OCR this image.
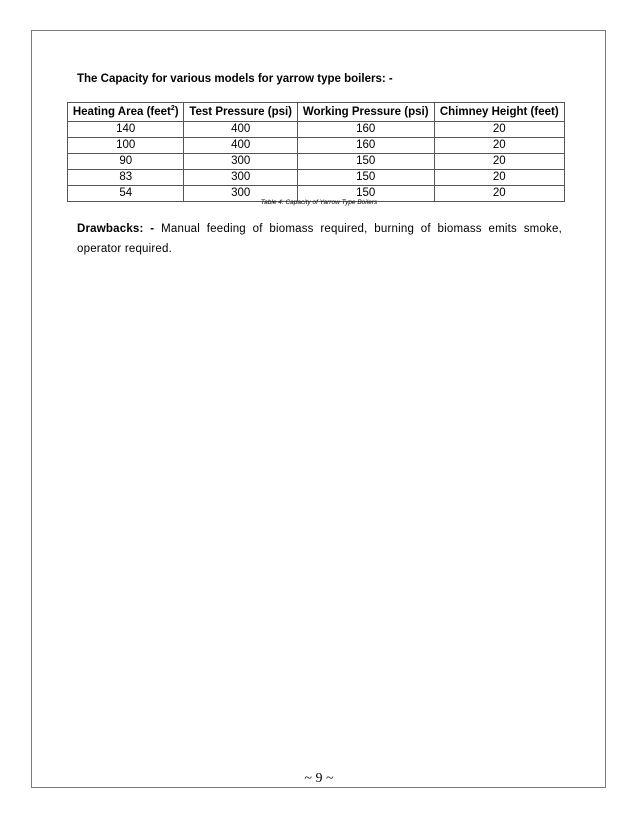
The Capacity for various models for yarrow type boilers: -
Heating Area (feet$^2$)	Test Pressure (psi)	Working Pressure (psi)	Chimney Height (feet)
140	400	160	20
100	400	160	20
90	300	150	20
83	300	150	20
54	300	150	20
Table 4: Capacity of Yarrow Type Boilers
Drawbacks: - Manual feeding of biomass required, burning of biomass emits smoke, operator required.
~ 9 ~
